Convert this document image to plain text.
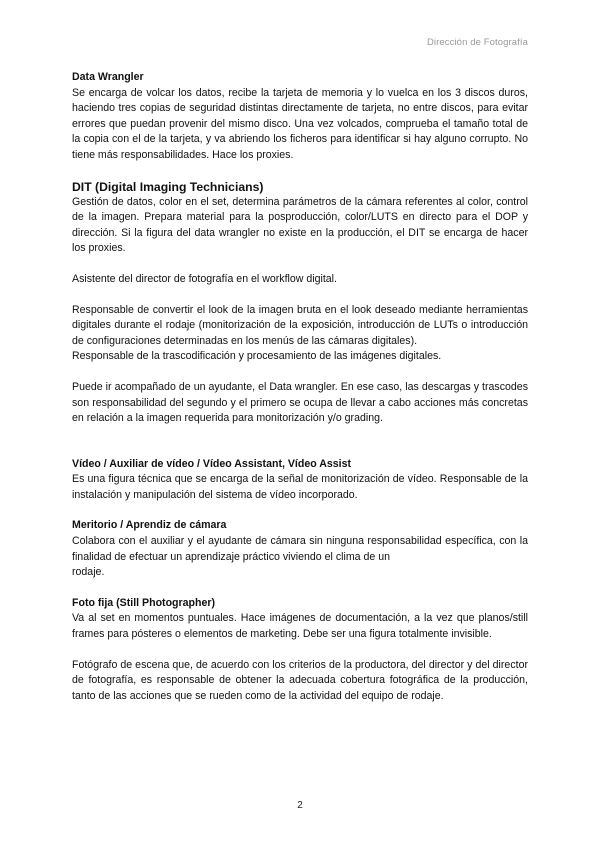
Dirección de Fotografía

Data Wrangler

Se encarga de volcar los datos, recibe la tarjeta de memoria y lo vuelca en los 3 discos duros, haciendo tres copias de seguridad distintas directamente de tarjeta, no entre discos, para evitar errores que puedan provenir del mismo disco. Una vez volcados, comprueba el tamaño total de la copia con el de la tarjeta, y va abriendo los ficheros para identificar si hay alguno corrupto. No tiene más responsabilidades. Hace los proxies.

DIT (Digital Imaging Technicians)

Gestión de datos, color en el set, determina parámetros de la cámara referentes al color, control de la imagen. Prepara material para la posproducción, color/LUTS en directo para el DOP y dirección. Si la figura del data wrangler no existe en la producción, el DIT se encarga de hacer los proxies.

Asistente del director de fotografía en el workflow digital.

Responsable de convertir el look de la imagen bruta en el look deseado mediante herramientas digitales durante el rodaje (monitorización de la exposición, introducción de LUTs o introducción de configuraciones determinadas en los menús de las cámaras digitales).

Responsable de la trascodificación y procesamiento de las imágenes digitales.

Puede ir acompañado de un ayudante, el Data wrangler. En ese caso, las descargas y trascodes son responsabilidad del segundo y el primero se ocupa de llevar a cabo acciones más concretas en relación a la imagen requerida para monitorización y/o grading.

Vídeo / Auxiliar de vídeo / Vídeo Assistant, Vídeo Assist

Es una figura técnica que se encarga de la señal de monitorización de vídeo. Responsable de la instalación y manipulación del sistema de vídeo incorporado.

Meritorio / Aprendiz de cámara

Colabora con el auxiliar y el ayudante de cámara sin ninguna responsabilidad específica, con la finalidad de efectuar un aprendizaje práctico viviendo el clima de un

rodaje.

Foto fija (Still Photographer)

Va al set en momentos puntuales. Hace imágenes de documentación, a la vez que planos/still frames para pósteres o elementos de marketing. Debe ser una figura totalmente invisible.

Fotógrafo de escena que, de acuerdo con los criterios de la productora, del director y del director de fotografía, es responsable de obtener la adecuada cobertura fotográfica de la producción, tanto de las acciones que se rueden como de la actividad del equipo de rodaje.

2
